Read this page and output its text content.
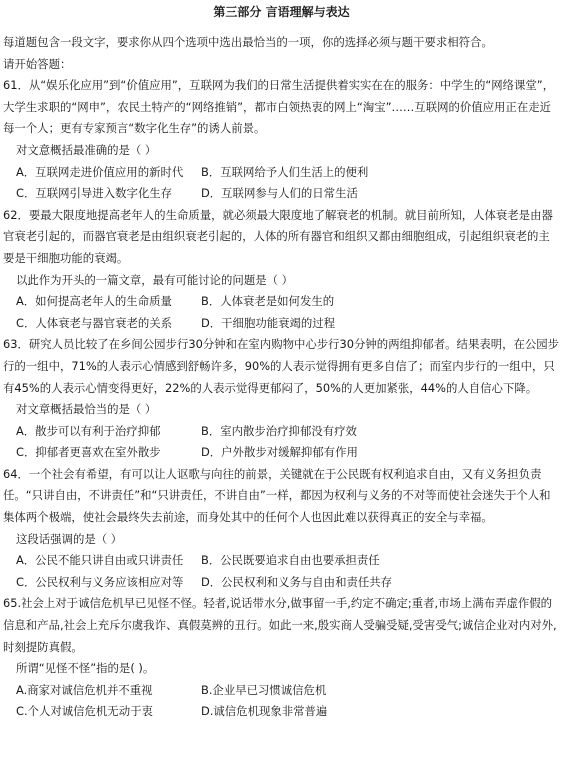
第三部分 言语理解与表达

每道题包含一段文字，要求你从四个选项中选出最恰当的一项，你的选择必须与题干要求相符合。

请开始答题：

61．从“娱乐化应用”到“价值应用”，互联网为我们的日常生活提供着实实在在的服务：中学生的“网络课堂”，大学生求职的“网申”，农民土特产的“网络推销”，都市白领热衷的网上“淘宝”……互联网的价值应用正在走近每一个人；更有专家预言“数字化生存”的诱人前景。

对文意概括最准确的是（ ）

A．互联网走进价值应用的新时代	B．互联网给予人们生活上的便利
C．互联网引导进入数字化生存	D．互联网参与人们的日常生活

62．要最大限度地提高老年人的生命质量，就必须最大限度地了解衰老的机制。就目前所知，人体衰老是由器官衰老引起的，而器官衰老是由组织衰老引起的，人体的所有器官和组织又都由细胞组成，引起组织衰老的主要是干细胞功能的衰竭。

以此作为开头的一篇文章，最有可能讨论的问题是（ ）

A．如何提高老年人的生命质量	B．人体衰老是如何发生的
C．人体衰老与器官衰老的关系	D．干细胞功能衰竭的过程

63．研究人员比较了在乡间公园步行30分钟和在室内购物中心步行30分钟的两组抑郁者。结果表明，在公园步行的一组中，71%的人表示心情感到舒畅许多，90%的人表示觉得拥有更多自信了；而室内步行的一组中，只有45%的人表示心情变得更好，22%的人表示觉得更郁闷了，50%的人更加紧张，44%的人自信心下降。

对文章概括最恰当的是（ ）

A．散步可以有利于治疗抑郁	B．室内散步治疗抑郁没有疗效
C．抑郁者更喜欢在室外散步	D．户外散步对缓解抑郁有作用

64．一个社会有希望，有可以让人讴歌与向往的前景，关键就在于公民既有权利追求自由，又有义务担负责任。“只讲自由，不讲责任”和“只讲责任，不讲自由”一样，都因为权利与义务的不对等而使社会迷失于个人和集体两个极端，使社会最终失去前途，而身处其中的任何个人也因此难以获得真正的安全与幸福。

这段话强调的是（ ）

A．公民不能只讲自由或只讲责任	B．公民既要追求自由也要承担责任
C．公民权利与义务应该相应对等	D．公民权利和义务与自由和责任共存

65.社会上对于诚信危机早已见怪不怪。轻者,说话带水分,做事留一手,约定不确定;重者,市场上满布弄虚作假的信息和产品,社会上充斥尔虞我诈、真假莫辨的丑行。如此一来,殷实商人受骗受疑,受害受气;诚信企业对内对外,时刻提防真假。

所谓“见怪不怪”指的是( )。

A.商家对诚信危机并不重视	B.企业早已习惯诚信危机
C.个人对诚信危机无动于衷	D.诚信危机现象非常普遍
